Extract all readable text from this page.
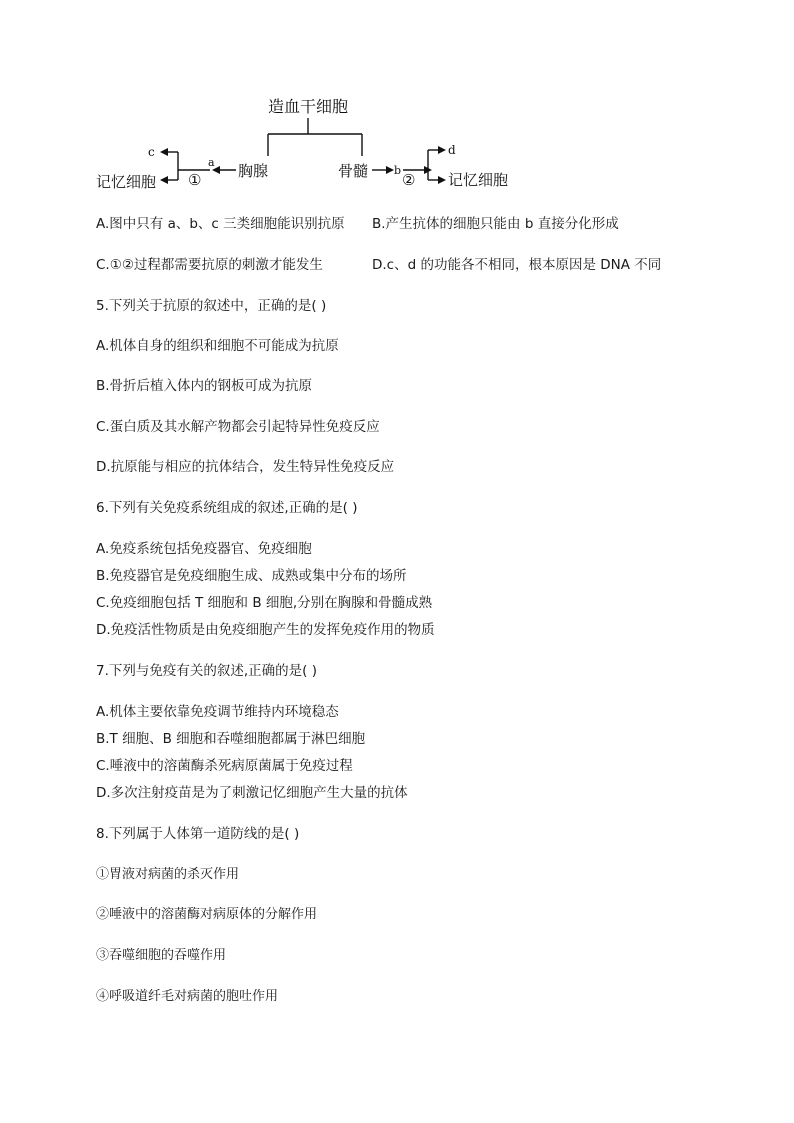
造血干细胞
胸腺
a
①
c
记忆细胞
骨髓 b
②
d
记忆细胞
A.图中只有 a、b、c 三类细胞能识别抗原 B.产生抗体的细胞只能由 b 直接分化形成
C.①②过程都需要抗原的刺激才能发生	D.c、d 的功能各不相同，根本原因是 DNA 不同
5.下列关于抗原的叙述中，正确的是( )
A.机体自身的组织和细胞不可能成为抗原
B.骨折后植入体内的钢板可成为抗原
C.蛋白质及其水解产物都会引起特异性免疫反应
D.抗原能与相应的抗体结合，发生特异性免疫反应
6.下列有关免疫系统组成的叙述,正确的是( )
A.免疫系统包括免疫器官、免疫细胞
B.免疫器官是免疫细胞生成、成熟或集中分布的场所
C.免疫细胞包括 T 细胞和 B 细胞,分别在胸腺和骨髓成熟
D.免疫活性物质是由免疫细胞产生的发挥免疫作用的物质
7.下列与免疫有关的叙述,正确的是( )
A.机体主要依靠免疫调节维持内环境稳态
B.T 细胞、B 细胞和吞噬细胞都属于淋巴细胞
C.唾液中的溶菌酶杀死病原菌属于免疫过程
D.多次注射疫苗是为了刺激记忆细胞产生大量的抗体
8.下列属于人体第一道防线的是( )
①胃液对病菌的杀灭作用
②唾液中的溶菌酶对病原体的分解作用
③吞噬细胞的吞噬作用
④呼吸道纤毛对病菌的胞吐作用
